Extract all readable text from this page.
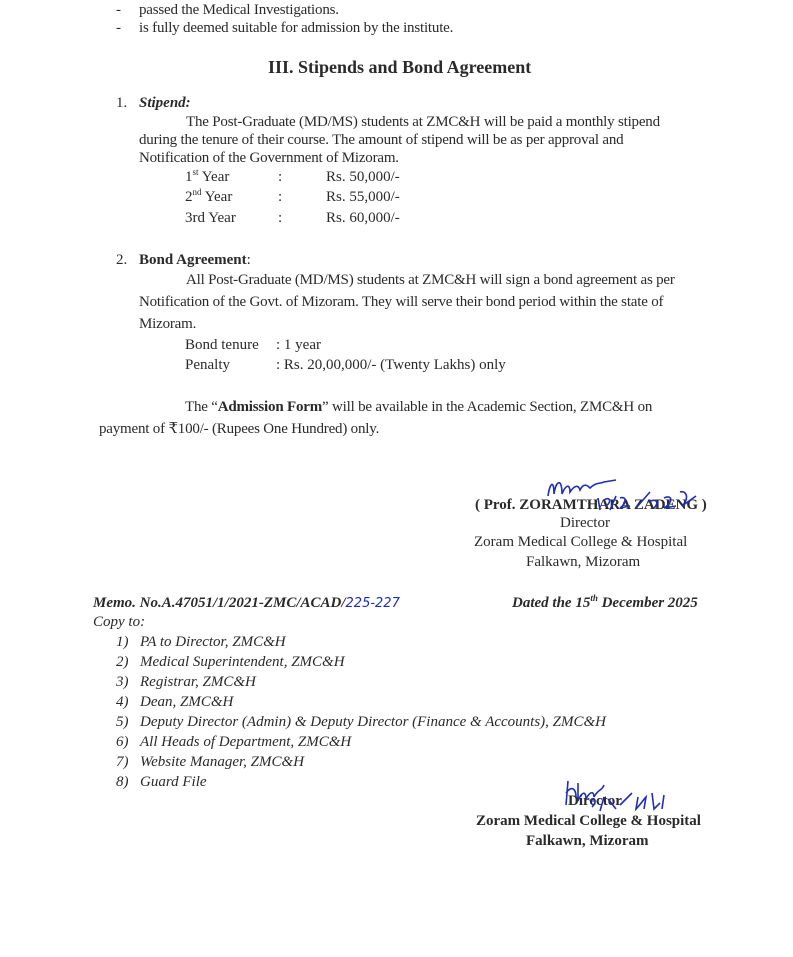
- passed the Medical Investigations.
- is fully deemed suitable for admission by the institute.
III. Stipends and Bond Agreement
1. Stipend:
The Post-Graduate (MD/MS) students at ZMC&H will be paid a monthly stipend
during the tenure of their course. The amount of stipend will be as per approval and
Notification of the Government of Mizoram.
1st Year	:	Rs. 50,000/-
2nd Year	:	Rs. 55,000/-
3rd Year	:	Rs. 60,000/-
2. Bond Agreement:
All Post-Graduate (MD/MS) students at ZMC&H will sign a bond agreement as per
Notification of the Govt. of Mizoram. They will serve their bond period within the state of
Mizoram.
Bond tenure : 1 year
Penalty	: Rs. 20,00,000/- (Twenty Lakhs) only
The “Admission Form” will be available in the Academic Section, ZMC&H on
payment of ₹100/- (Rupees One Hundred) only.
( Prof. ZORAMTHARA ZADENG )
Director
Zoram Medical College & Hospital
Falkawn, Mizoram
Memo. No.A.47051/1/2021-ZMC/ACAD/225-227	Dated the 15th December 2025
Copy to:
1) PA to Director, ZMC&H
2) Medical Superintendent, ZMC&H
3) Registrar, ZMC&H
4) Dean, ZMC&H
5) Deputy Director (Admin) & Deputy Director (Finance & Accounts), ZMC&H
6) All Heads of Department, ZMC&H
7) Website Manager, ZMC&H
8) Guard File
Director
Zoram Medical College & Hospital
Falkawn, Mizoram
